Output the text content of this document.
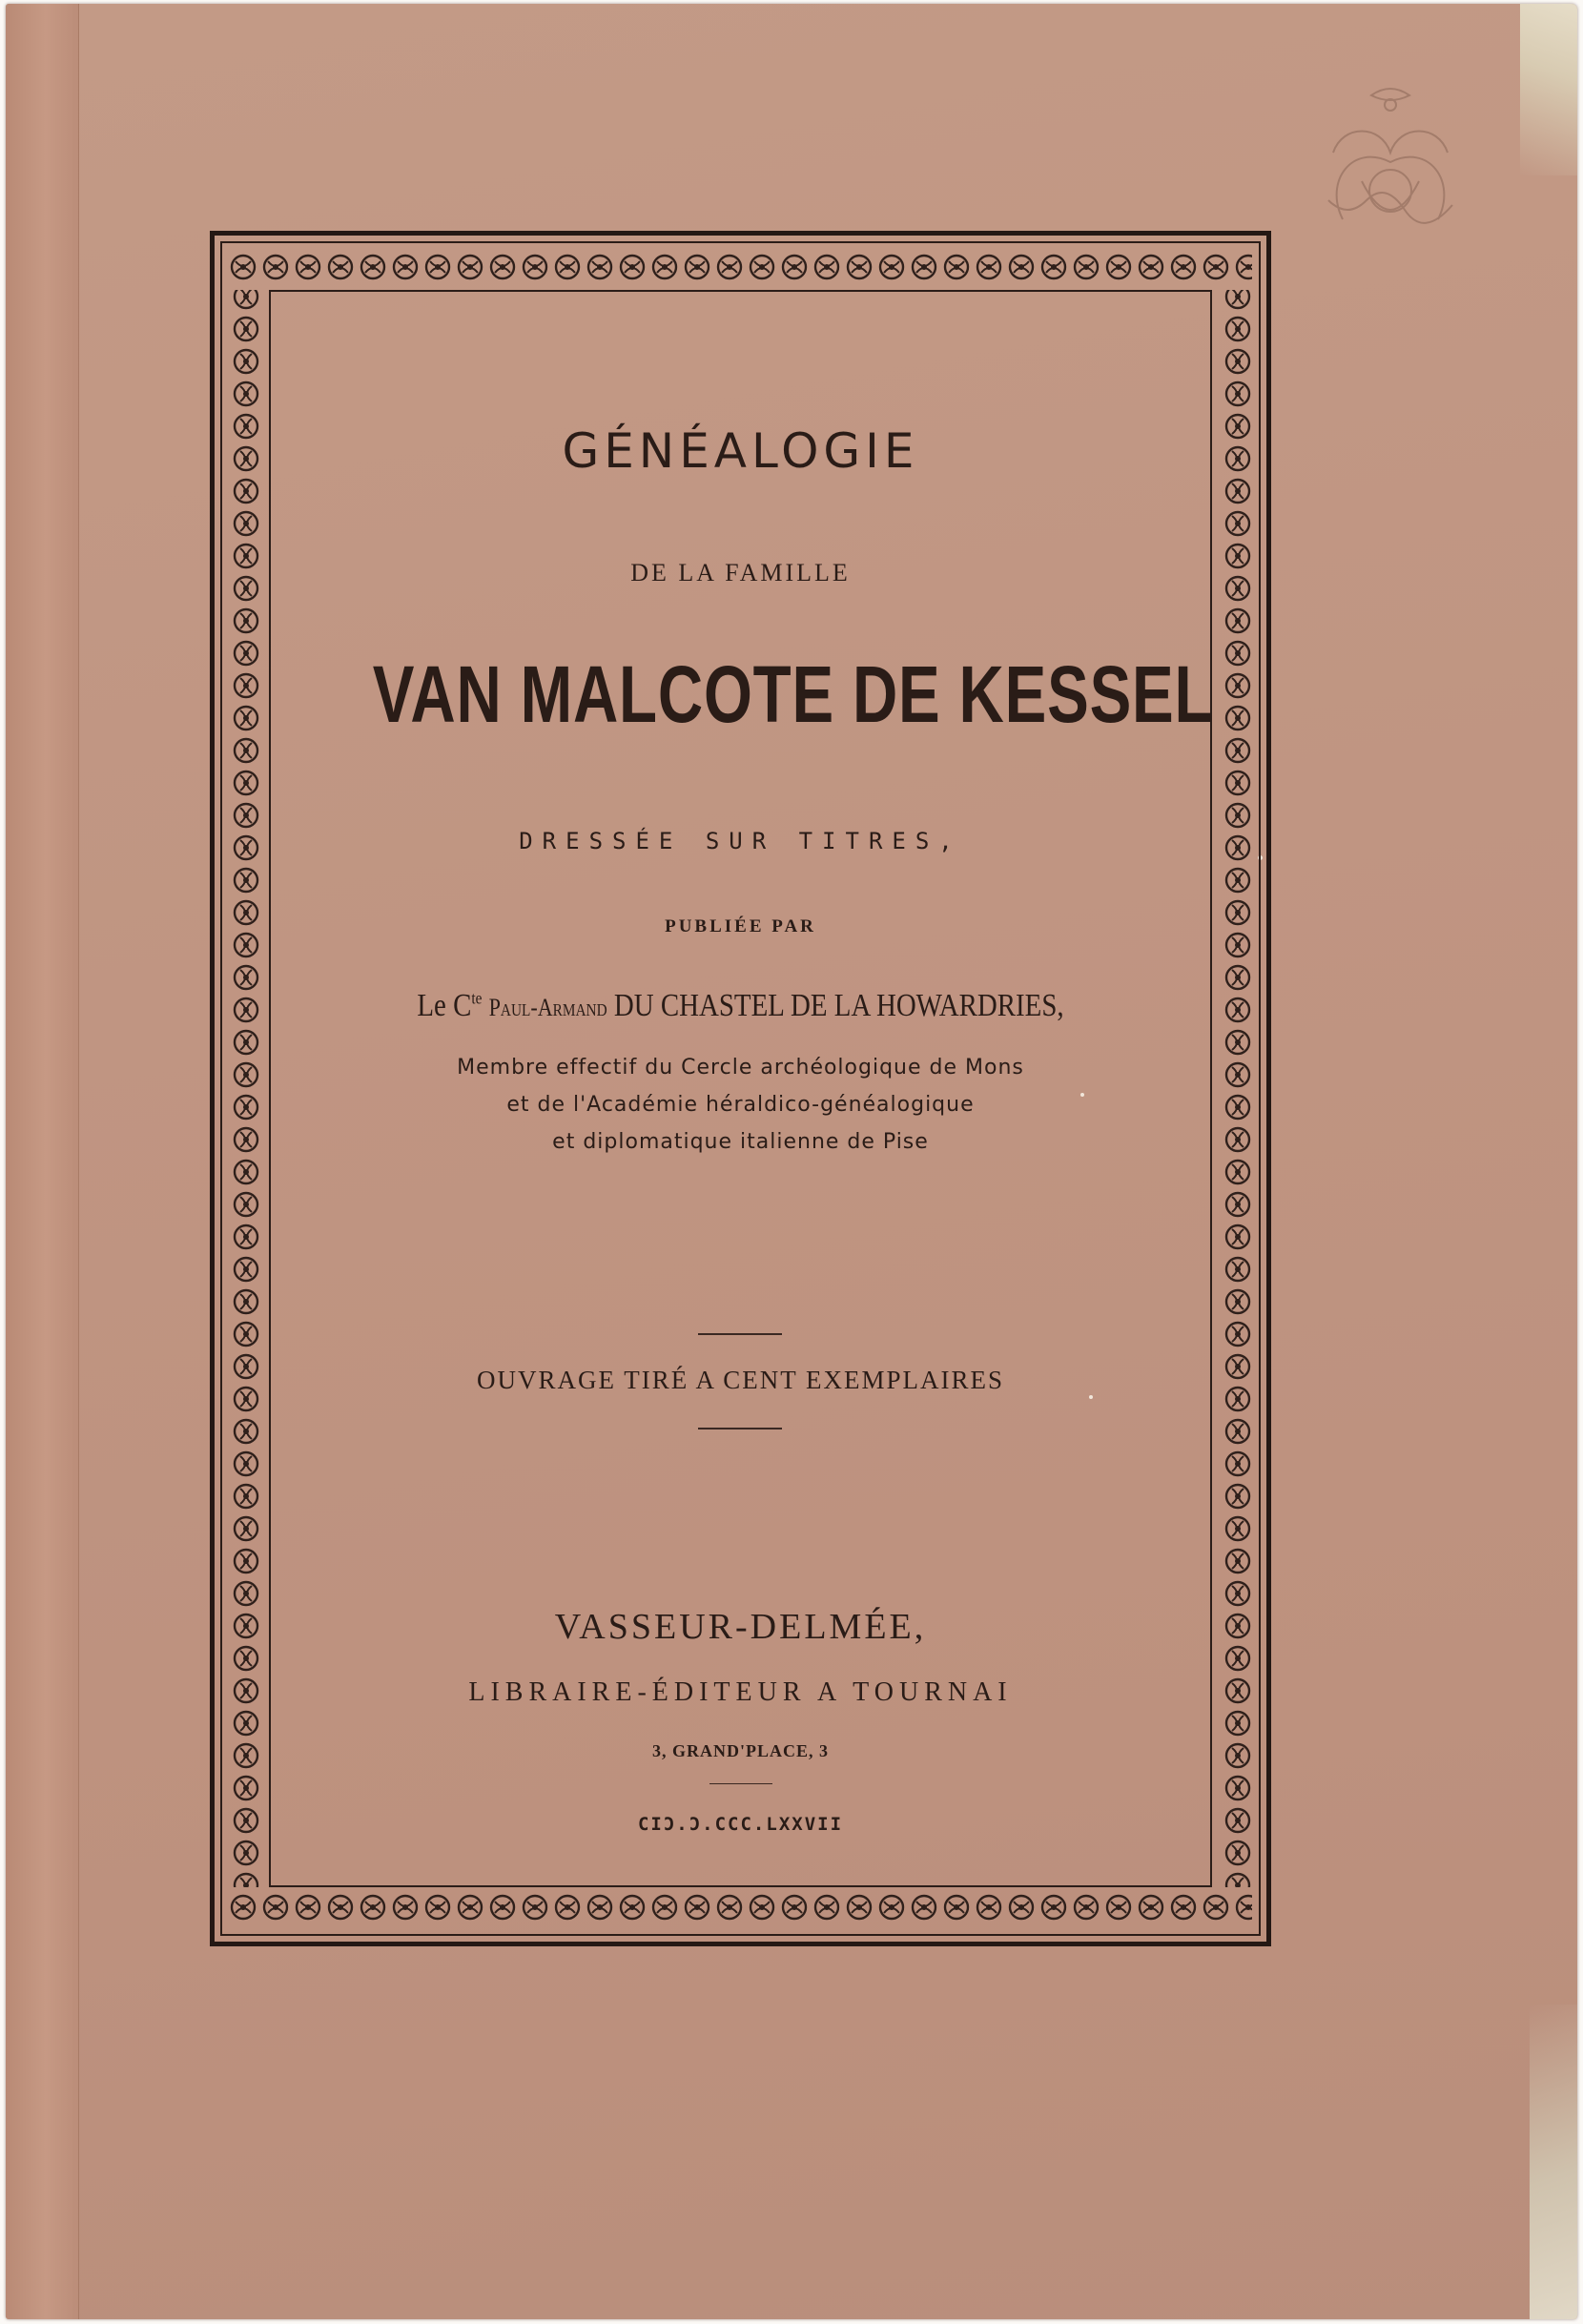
GÉNÉALOGIE
DE LA FAMILLE
VAN MALCOTE DE KESSEL
DRESSÉE SUR TITRES,
PUBLIÉE PAR
Le $C^{te}$ Paul-Armand DU CHASTEL DE LA HOWARDRIES,
Membre effectif du Cercle archéologique de Mons
et de l'Académie héraldico-généalogique
et diplomatique italienne de Pise
OUVRAGE TIRÉ A CENT EXEMPLAIRES
VASSEUR-DELMÉE,
LIBRAIRE-ÉDITEUR A TOURNAI
3, GRAND'PLACE, 3
CIƆ.Ɔ.CCC.LXXVII
